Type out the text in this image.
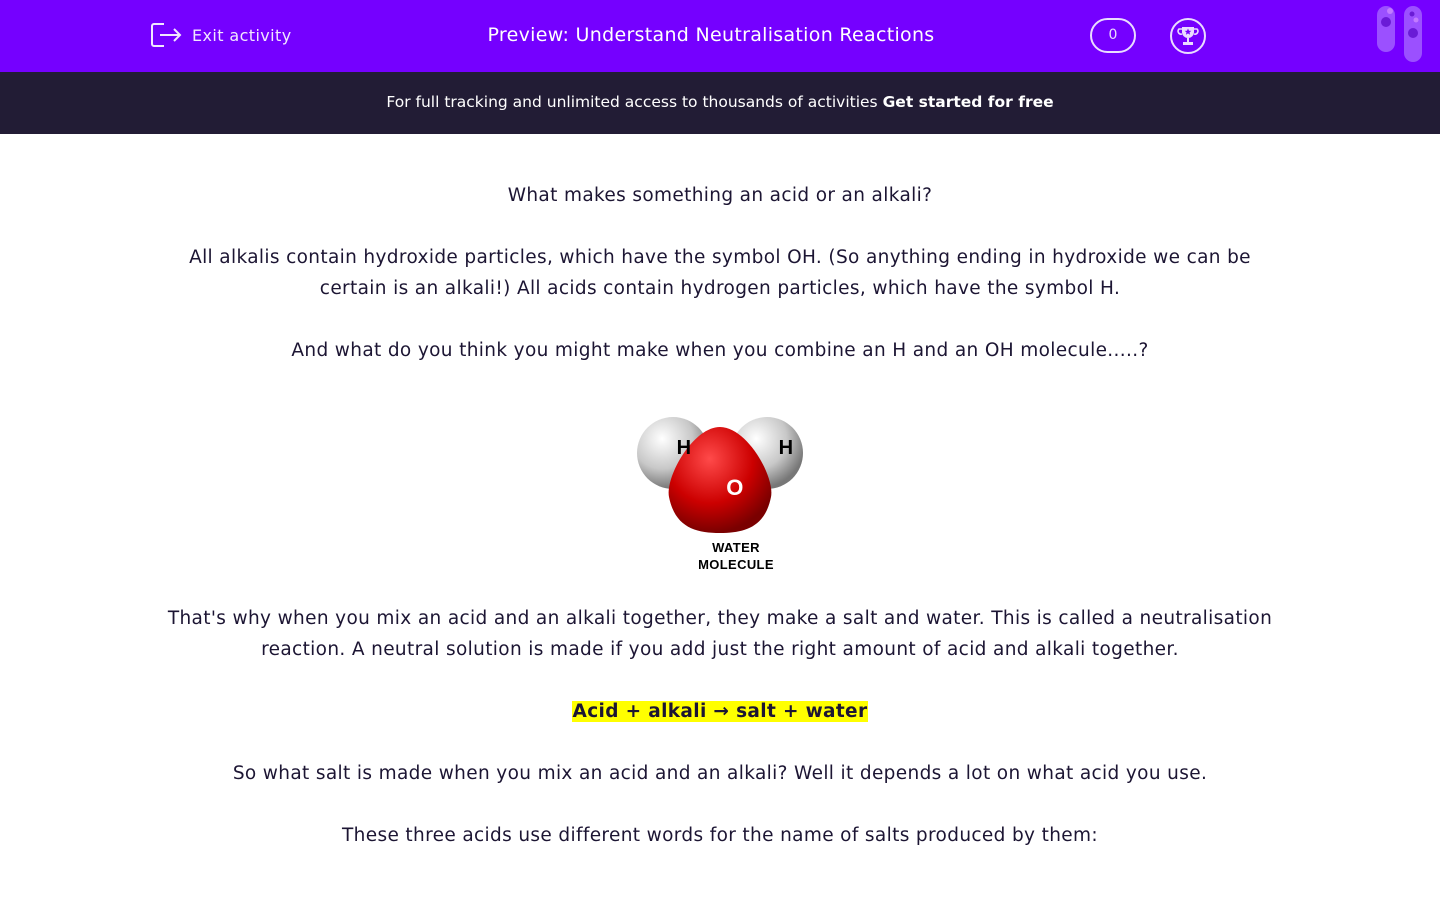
Exit activity	Preview: Understand Neutralisation Reactions	0
For full tracking and unlimited access to thousands of activities Get started for free

What makes something an acid or an alkali?

All alkalis contain hydroxide particles, which have the symbol OH. (So anything ending in hydroxide we can be certain is an alkali!) All acids contain hydrogen particles, which have the symbol H.

And what do you think you might make when you combine an H and an OH molecule.....?

H	H
O
WATER
MOLECULE

That's why when you mix an acid and an alkali together, they make a salt and water. This is called a neutralisation reaction. A neutral solution is made if you add just the right amount of acid and alkali together.

Acid + alkali → salt + water

So what salt is made when you mix an acid and an alkali? Well it depends a lot on what acid you use.

These three acids use different words for the name of salts produced by them:
